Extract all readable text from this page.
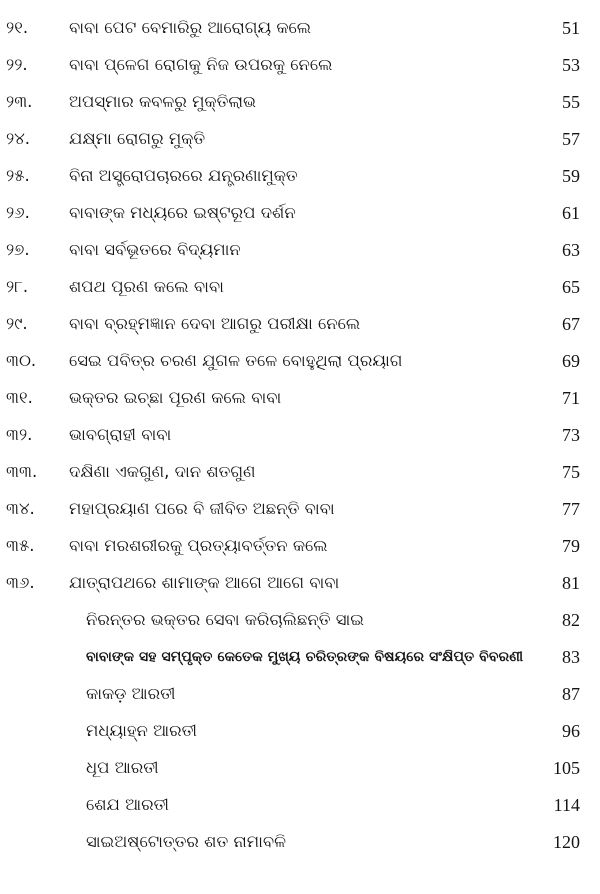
୨୧.	ବାବା ପେଟ ବେମାରିରୁ ଆରୋଗ୍ୟ କଲେ	51
୨୨.	ବାବା ପ୍ଳେଗ ରୋଗକୁ ନିଜ ଉପରକୁ ନେଲେ	53
୨୩.	ଅପସ୍ମାର କବଳରୁ ମୁକ୍ତିଲାଭ	55
୨୪.	ଯକ୍ଷ୍ମା ରୋଗରୁ ମୁକ୍ତି	57
୨୫.	ବିନା ଅସ୍ତ୍ରୋପଚାରରେ ଯନ୍ତ୍ରଣାମୁକ୍ତ	59
୨୬.	ବାବାଙ୍କ ମଧ୍ୟରେ ଇଷ୍ଟରୂପ ଦର୍ଶନ	61
୨୭.	ବାବା ସର୍ବଭୂତରେ ବିଦ୍ୟମାନ	63
୨୮.	ଶପଥ ପୂରଣ କଲେ ବାବା	65
୨୯.	ବାବା ବ୍ରହ୍ମଜ୍ଞାନ ଦେବା ଆଗରୁ ପରୀକ୍ଷା ନେଲେ	67
୩୦.	ସେଇ ପବିତ୍ର ଚରଣ ଯୁଗଳ ତଳେ ବୋହୁଥିଲା ପ୍ରୟାଗ	69
୩୧.	ଭକ୍ତର ଇଚ୍ଛା ପୂରଣ କଲେ ବାବା	71
୩୨.	ଭାବଗ୍ରାହୀ ବାବା	73
୩୩.	ଦକ୍ଷିଣା ଏକଗୁଣ, ଦାନ ଶତଗୁଣ	75
୩୪.	ମହାପ୍ରୟାଣ ପରେ ବି ଜୀବିତ ଅଛନ୍ତି ବାବା	77
୩୫.	ବାବା ମରଶରୀରକୁ ପ୍ରତ୍ୟାବର୍ତ୍ତନ କଲେ	79
୩୬.	ଯାତ୍ରାପଥରେ ଶାମାଙ୍କ ଆଗେ ଆଗେ ବାବା	81
ନିରନ୍ତର ଭକ୍ତର ସେବା କରିଚାଲିଛନ୍ତି ସାଇ	82
ବାବାଙ୍କ ସହ ସମ୍ପୃକ୍ତ କେତେକ ମୁଖ୍ୟ ଚରିତ୍ରଙ୍କ ବିଷୟରେ ସଂକ୍ଷିପ୍ତ ବିବରଣୀ 83
କାକଡ଼ ଆରତୀ	87
ମଧ୍ୟାହ୍ନ ଆରତୀ	96
ଧୂପ ଆରତୀ	105
ଶେଯ ଆରତୀ	114
ସାଇଅଷ୍ଟୋତ୍ତର ଶତ ନାମାବଳି	120
